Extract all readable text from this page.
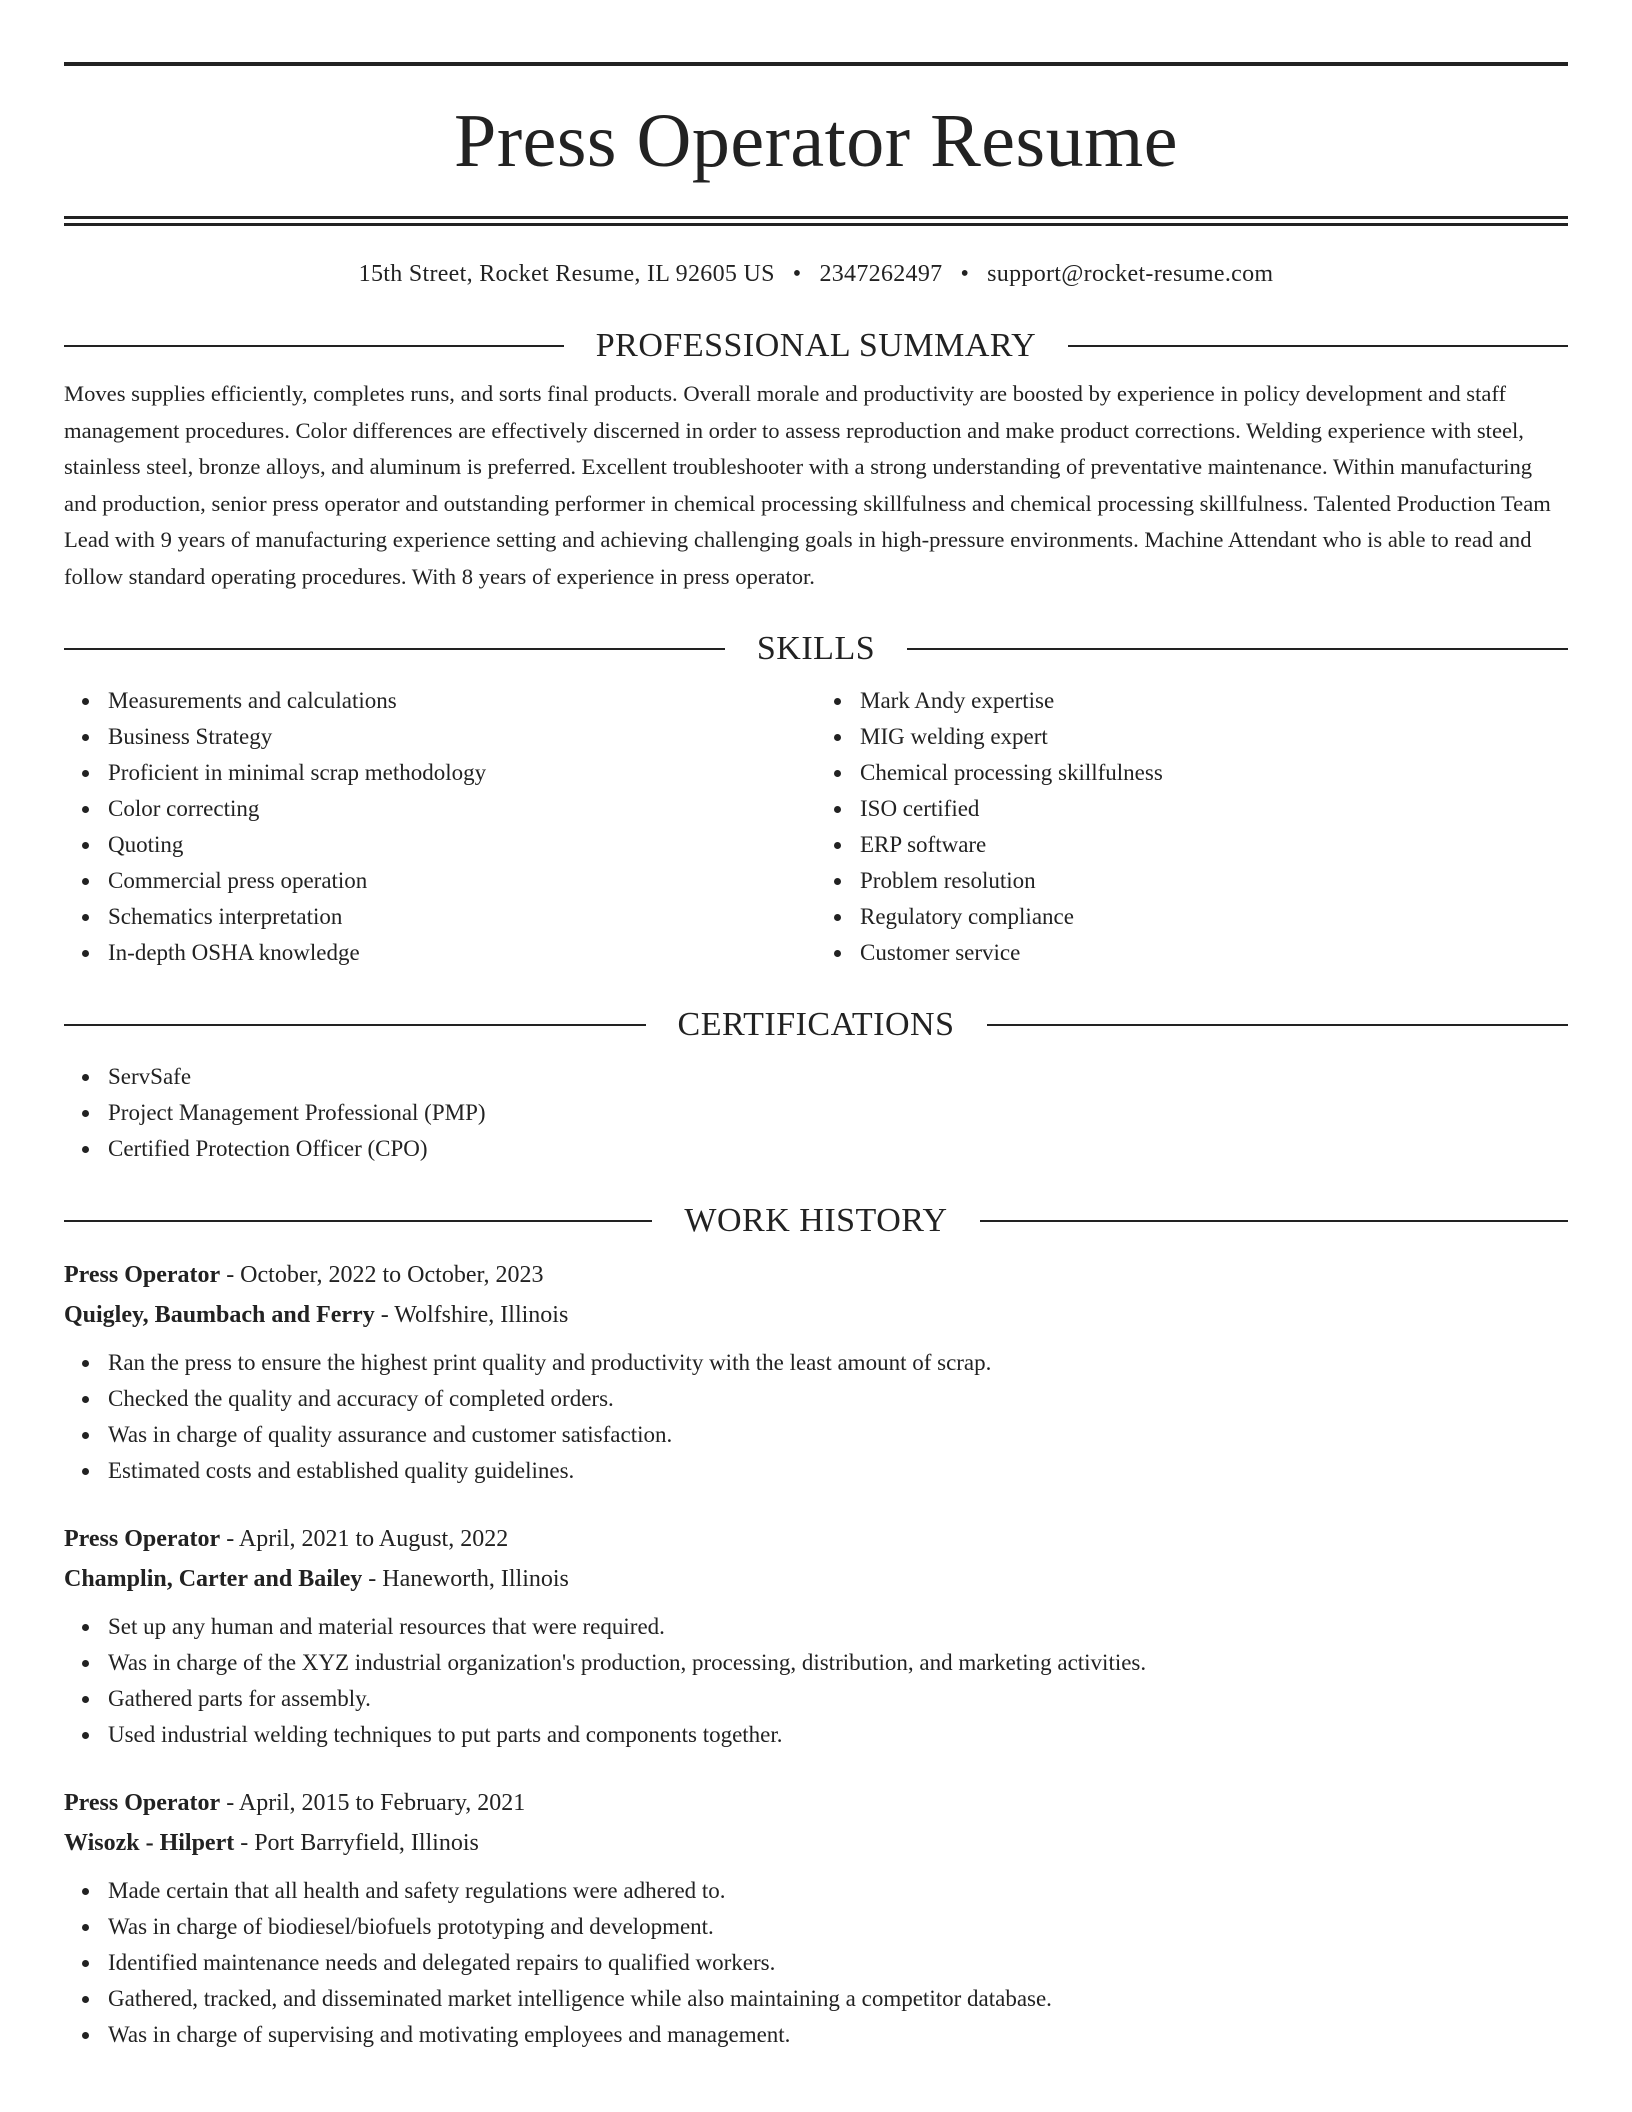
Press Operator Resume
15th Street, Rocket Resume, IL 92605 US • 2347262497 • support@rocket-resume.com
PROFESSIONAL SUMMARY
Moves supplies efficiently, completes runs, and sorts final products. Overall morale and productivity are boosted by experience in policy development and staff management procedures. Color differences are effectively discerned in order to assess reproduction and make product corrections. Welding experience with steel, stainless steel, bronze alloys, and aluminum is preferred. Excellent troubleshooter with a strong understanding of preventative maintenance. Within manufacturing and production, senior press operator and outstanding performer in chemical processing skillfulness and chemical processing skillfulness. Talented Production Team Lead with 9 years of manufacturing experience setting and achieving challenging goals in high-pressure environments. Machine Attendant who is able to read and follow standard operating procedures. With 8 years of experience in press operator.
SKILLS
Measurements and calculations
Business Strategy
Proficient in minimal scrap methodology
Color correcting
Quoting
Commercial press operation
Schematics interpretation
In-depth OSHA knowledge
Mark Andy expertise
MIG welding expert
Chemical processing skillfulness
ISO certified
ERP software
Problem resolution
Regulatory compliance
Customer service
CERTIFICATIONS
ServSafe
Project Management Professional (PMP)
Certified Protection Officer (CPO)
WORK HISTORY
Press Operator - October, 2022 to October, 2023
Quigley, Baumbach and Ferry - Wolfshire, Illinois
Ran the press to ensure the highest print quality and productivity with the least amount of scrap.
Checked the quality and accuracy of completed orders.
Was in charge of quality assurance and customer satisfaction.
Estimated costs and established quality guidelines.
Press Operator - April, 2021 to August, 2022
Champlin, Carter and Bailey - Haneworth, Illinois
Set up any human and material resources that were required.
Was in charge of the XYZ industrial organization's production, processing, distribution, and marketing activities.
Gathered parts for assembly.
Used industrial welding techniques to put parts and components together.
Press Operator - April, 2015 to February, 2021
Wisozk - Hilpert - Port Barryfield, Illinois
Made certain that all health and safety regulations were adhered to.
Was in charge of biodiesel/biofuels prototyping and development.
Identified maintenance needs and delegated repairs to qualified workers.
Gathered, tracked, and disseminated market intelligence while also maintaining a competitor database.
Was in charge of supervising and motivating employees and management.
